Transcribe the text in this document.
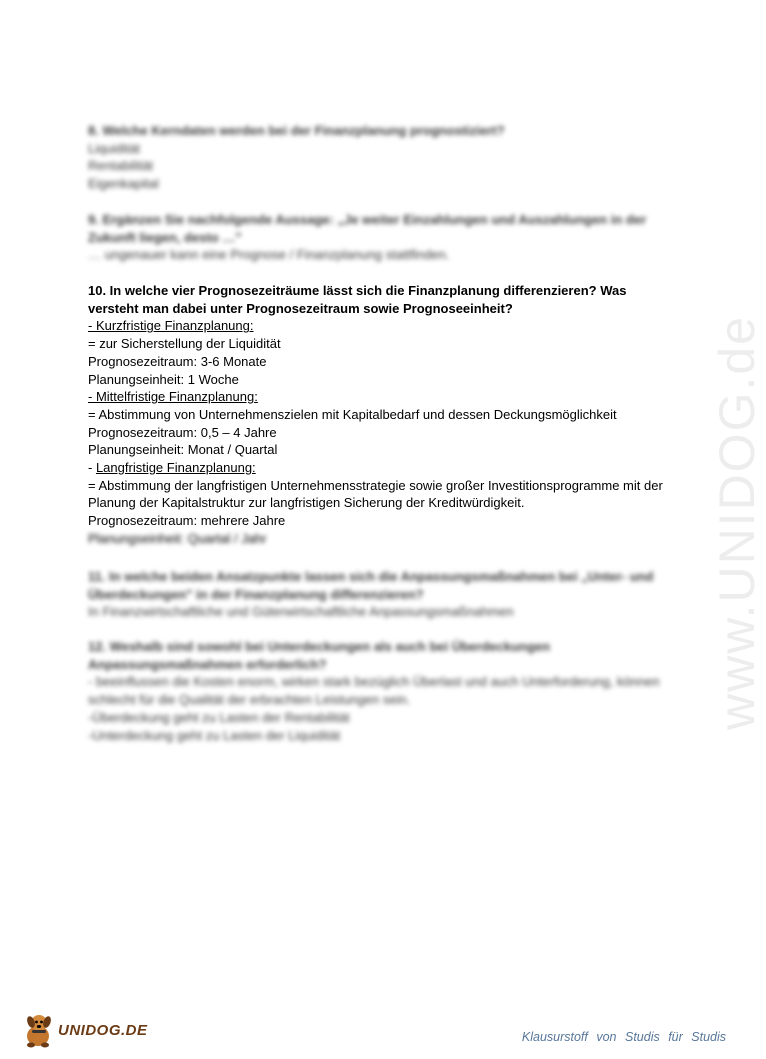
www.UNIDOG.de
8. Welche Kerndaten werden bei der Finanzplanung prognostiziert?
Liquidität
Rentabilität
Eigenkapital
9. Ergänzen Sie nachfolgende Aussage: „Je weiter Einzahlungen und Auszahlungen in der
Zukunft liegen, desto …"
… ungenauer kann eine Prognose / Finanzplanung stattfinden.
10. In welche vier Prognosezeiträume lässt sich die Finanzplanung differenzieren? Was
versteht man dabei unter Prognosezeitraum sowie Prognoseeinheit?
- Kurzfristige Finanzplanung:
= zur Sicherstellung der Liquidität
Prognosezeitraum: 3-6 Monate
Planungseinheit: 1 Woche
- Mittelfristige Finanzplanung:
= Abstimmung von Unternehmenszielen mit Kapitalbedarf und dessen Deckungsmöglichkeit
Prognosezeitraum: 0,5 – 4 Jahre
Planungseinheit: Monat / Quartal
- Langfristige Finanzplanung:
= Abstimmung der langfristigen Unternehmensstrategie sowie großer Investitionsprogramme mit der
Planung der Kapitalstruktur zur langfristigen Sicherung der Kreditwürdigkeit.
Prognosezeitraum: mehrere Jahre
Planungseinheit: Quartal / Jahr
11. In welche beiden Ansatzpunkte lassen sich die Anpassungsmaßnahmen bei „Unter- und
Überdeckungen" in der Finanzplanung differenzieren?
In Finanzwirtschaftliche und Güterwirtschaftliche Anpassungsmaßnahmen
12. Weshalb sind sowohl bei Unterdeckungen als auch bei Überdeckungen
Anpassungsmaßnahmen erforderlich?
- beeinflussen die Kosten enorm, wirken stark bezüglich Überlast und auch Unterforderung, können
schlecht für die Qualität der erbrachten Leistungen sein.
-Überdeckung geht zu Lasten der Rentabilität
-Unterdeckung geht zu Lasten der Liquidität
UNIDOG.DE	Klausurstoff von Studis für Studis
